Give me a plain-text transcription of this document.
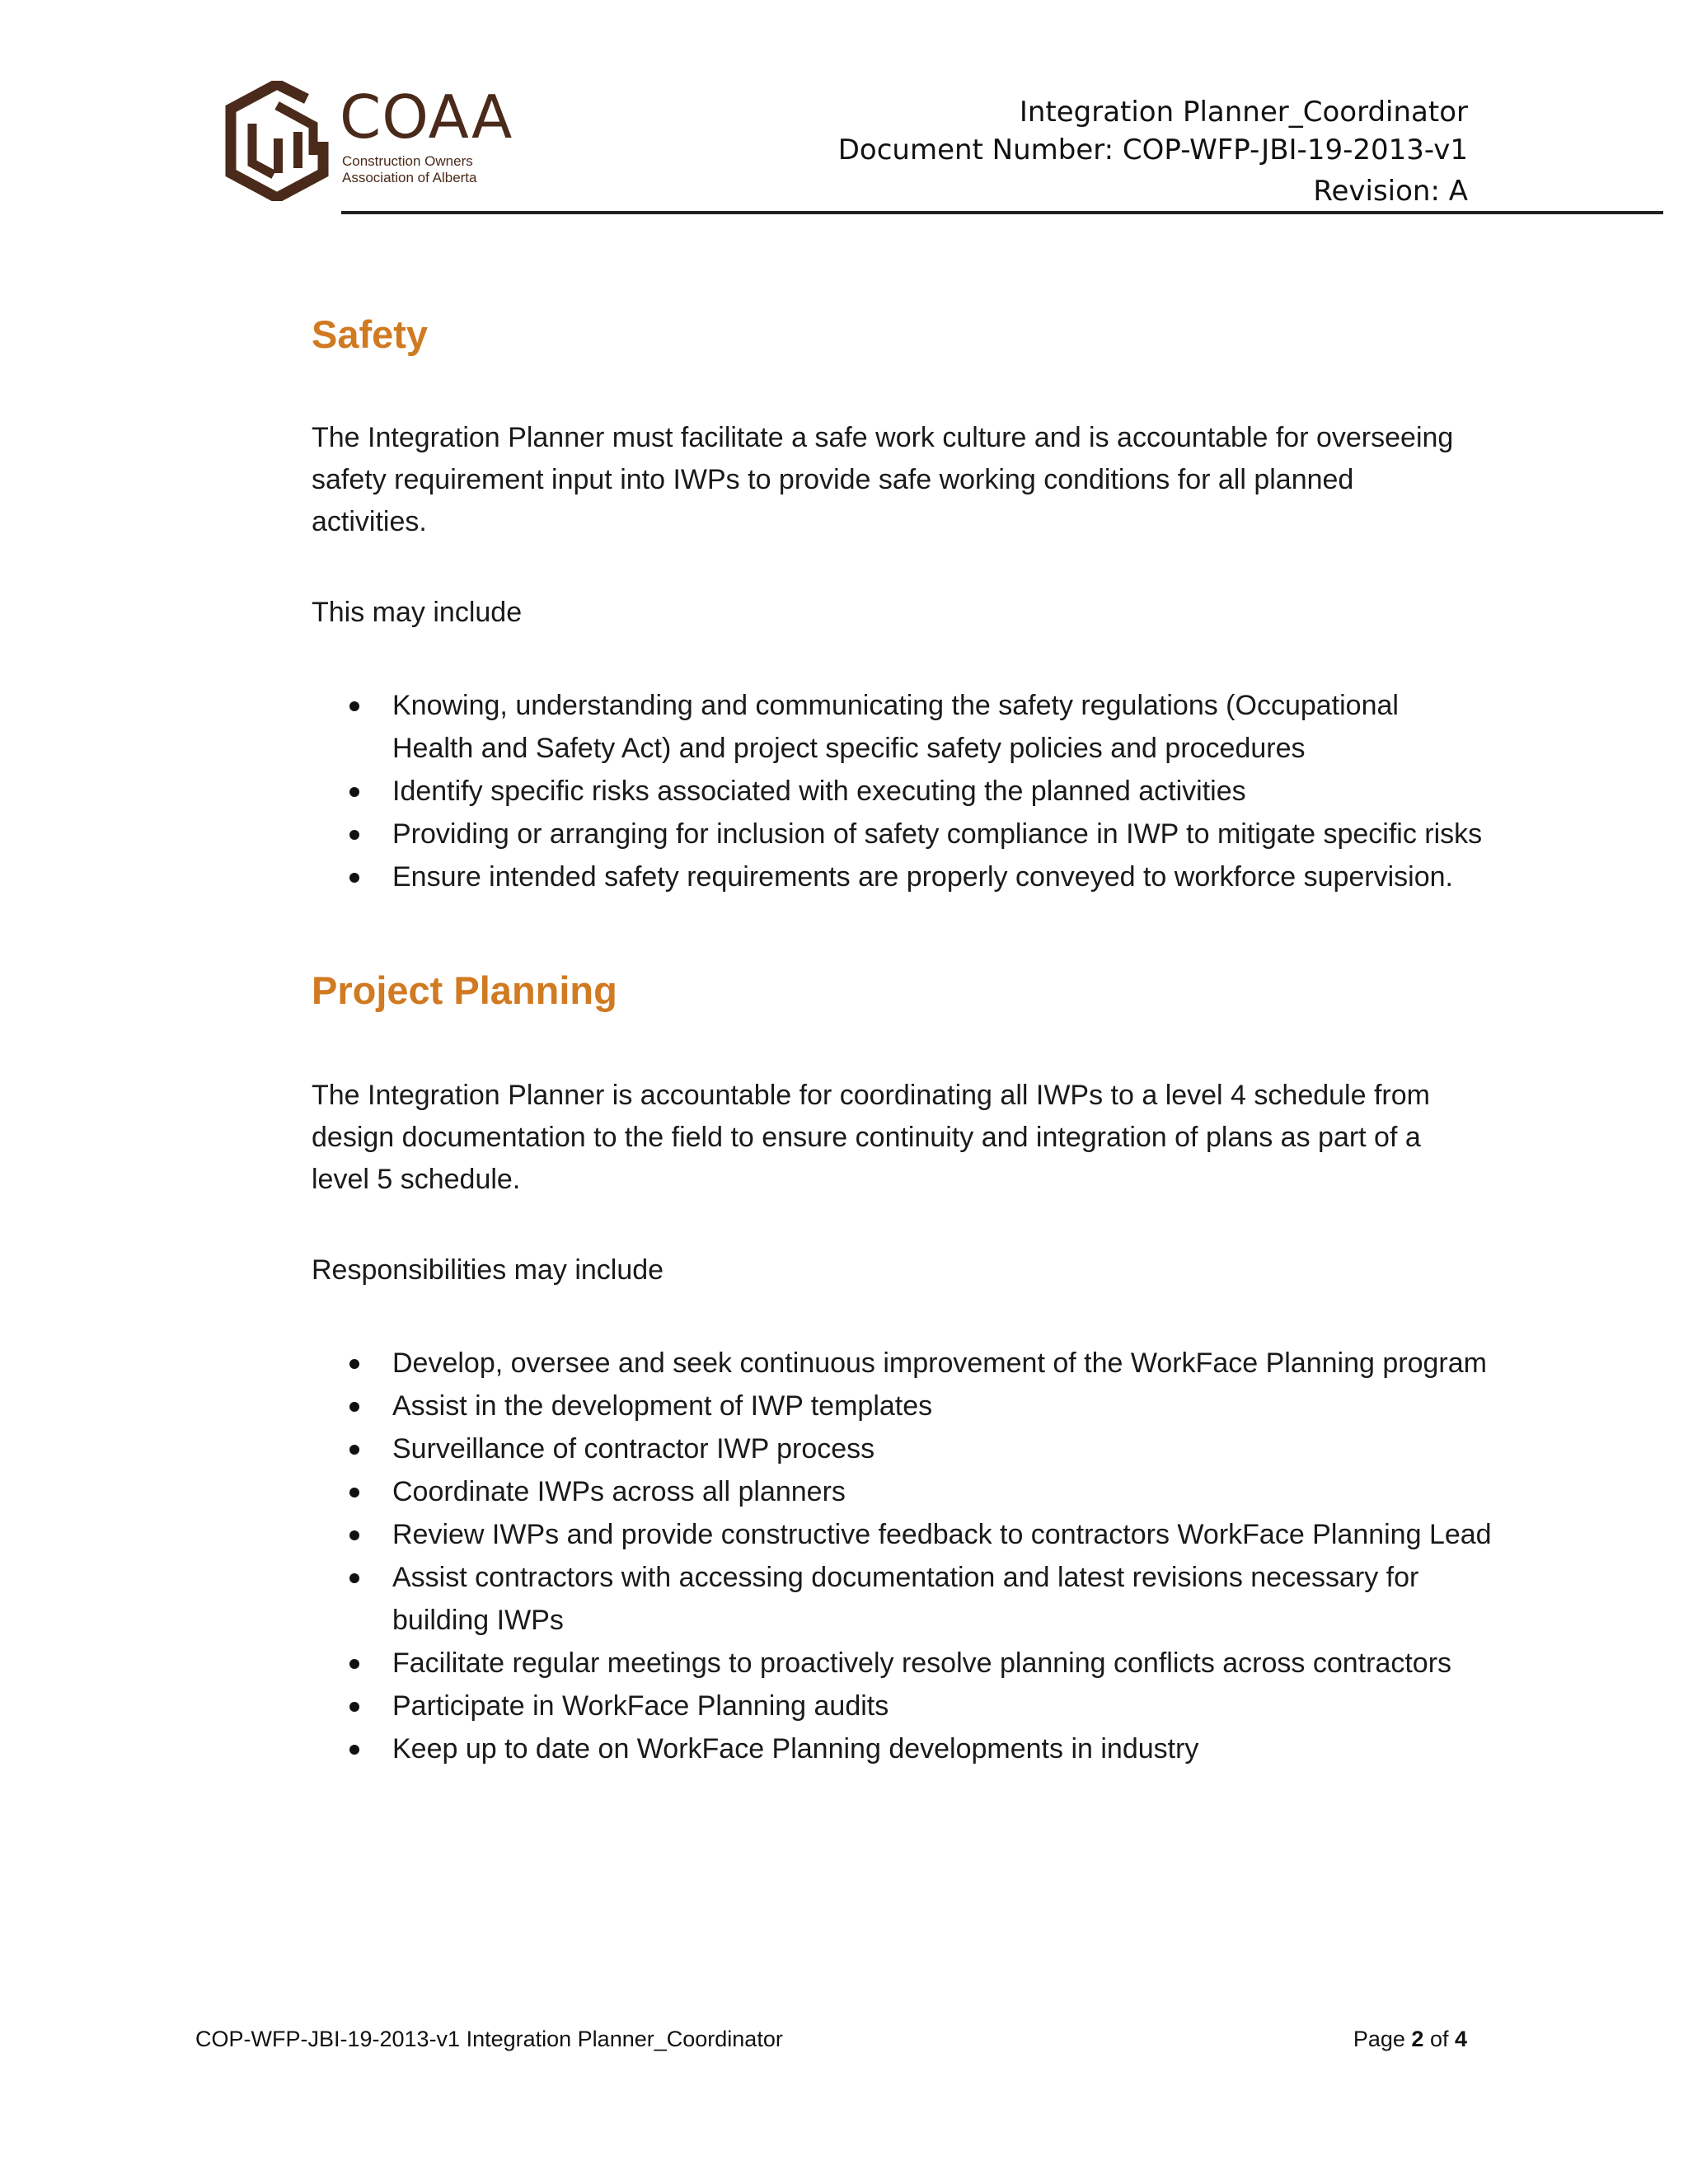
COAA
Construction Owners
Association of Alberta
Integration Planner_Coordinator
Document Number: COP-WFP-JBI-19-2013-v1
Revision: A
Safety
The Integration Planner must facilitate a safe work culture and is accountable for overseeing
safety requirement input into IWPs to provide safe working conditions for all planned
activities.

This may include

Knowing, understanding and communicating the safety regulations (Occupational
Health and Safety Act) and project specific safety policies and procedures
Identify specific risks associated with executing the planned activities
Providing or arranging for inclusion of safety compliance in IWP to mitigate specific risks
Ensure intended safety requirements are properly conveyed to workforce supervision.
Project Planning
The Integration Planner is accountable for coordinating all IWPs to a level 4 schedule from
design documentation to the field to ensure continuity and integration of plans as part of a
level 5 schedule.

Responsibilities may include

Develop, oversee and seek continuous improvement of the WorkFace Planning program
Assist in the development of IWP templates
Surveillance of contractor IWP process
Coordinate IWPs across all planners
Review IWPs and provide constructive feedback to contractors WorkFace Planning Lead
Assist contractors with accessing documentation and latest revisions necessary for
building IWPs
Facilitate regular meetings to proactively resolve planning conflicts across contractors
Participate in WorkFace Planning audits
Keep up to date on WorkFace Planning developments in industry
COP-WFP-JBI-19-2013-v1 Integration Planner_Coordinator	Page 2 of 4
